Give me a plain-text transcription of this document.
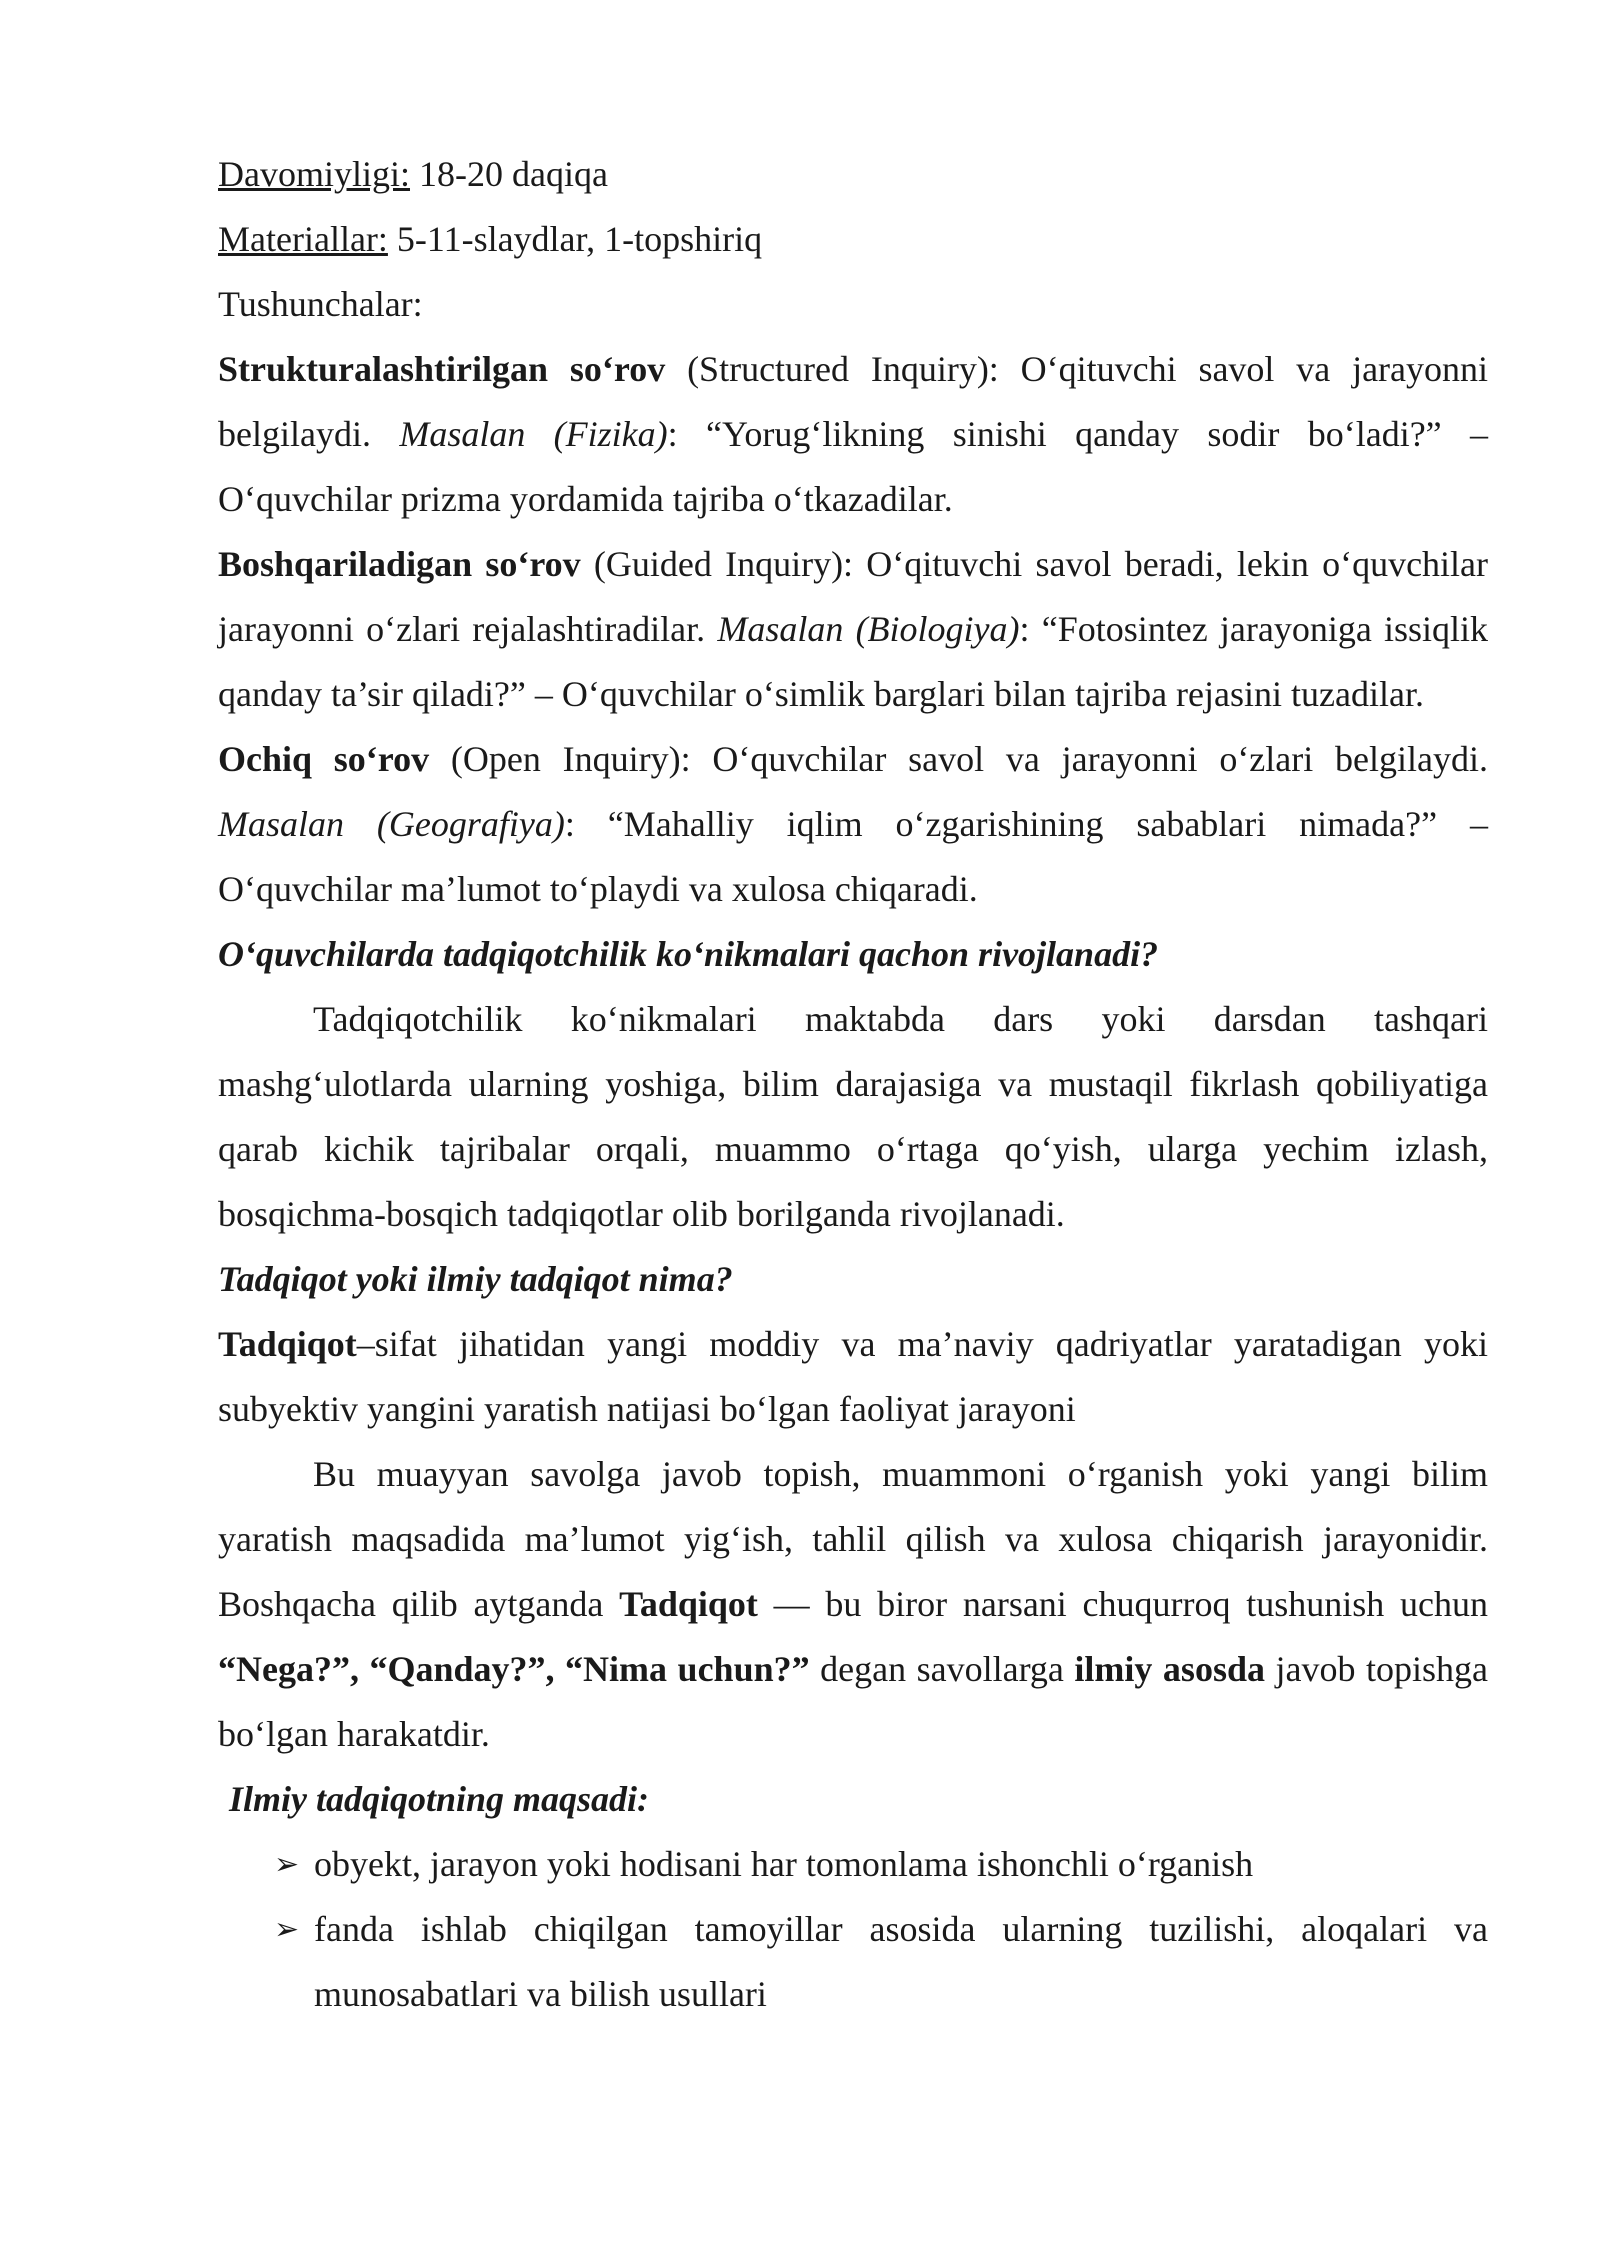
Davomiyligi: 18-20 daqiqa

Materiallar: 5-11-slaydlar, 1-topshiriq

Tushunchalar:

Strukturalashtirilgan so‘rov (Structured Inquiry): O‘qituvchi savol va jarayonni belgilaydi. Masalan (Fizika): “Yorug‘likning sinishi qanday sodir bo‘ladi?” – O‘quvchilar prizma yordamida tajriba o‘tkazadilar.

Boshqariladigan so‘rov (Guided Inquiry): O‘qituvchi savol beradi, lekin o‘quvchilar jarayonni o‘zlari rejalashtiradilar. Masalan (Biologiya): “Fotosintez jarayoniga issiqlik qanday ta’sir qiladi?” – O‘quvchilar o‘simlik barglari bilan tajriba rejasini tuzadilar.

Ochiq so‘rov (Open Inquiry): O‘quvchilar savol va jarayonni o‘zlari belgilaydi. Masalan (Geografiya): “Mahalliy iqlim o‘zgarishining sabablari nimada?” – O‘quvchilar ma’lumot to‘playdi va xulosa chiqaradi.

O‘quvchilarda tadqiqotchilik ko‘nikmalari qachon rivojlanadi?

Tadqiqotchilik ko‘nikmalari maktabda dars yoki darsdan tashqari mashg‘ulotlarda ularning yoshiga, bilim darajasiga va mustaqil fikrlash qobiliyatiga qarab kichik tajribalar orqali, muammo o‘rtaga qo‘yish, ularga yechim izlash, bosqichma-bosqich tadqiqotlar olib borilganda rivojlanadi.

Tadqiqot yoki ilmiy tadqiqot nima?

Tadqiqot–sifat jihatidan yangi moddiy va ma’naviy qadriyatlar yaratadigan yoki subyektiv yangini yaratish natijasi bo‘lgan faoliyat jarayoni

Bu muayyan savolga javob topish, muammoni o‘rganish yoki yangi bilim yaratish maqsadida ma’lumot yig‘ish, tahlil qilish va xulosa chiqarish jarayonidir. Boshqacha qilib aytganda Tadqiqot — bu biror narsani chuqurroq tushunish uchun “Nega?”, “Qanday?”, “Nima uchun?” degan savollarga ilmiy asosda javob topishga bo‘lgan harakatdir.

Ilmiy tadqiqotning maqsadi:

➢ obyekt, jarayon yoki hodisani har tomonlama ishonchli o‘rganish
➢ fanda ishlab chiqilgan tamoyillar asosida ularning tuzilishi, aloqalari va munosabatlari va bilish usullari
